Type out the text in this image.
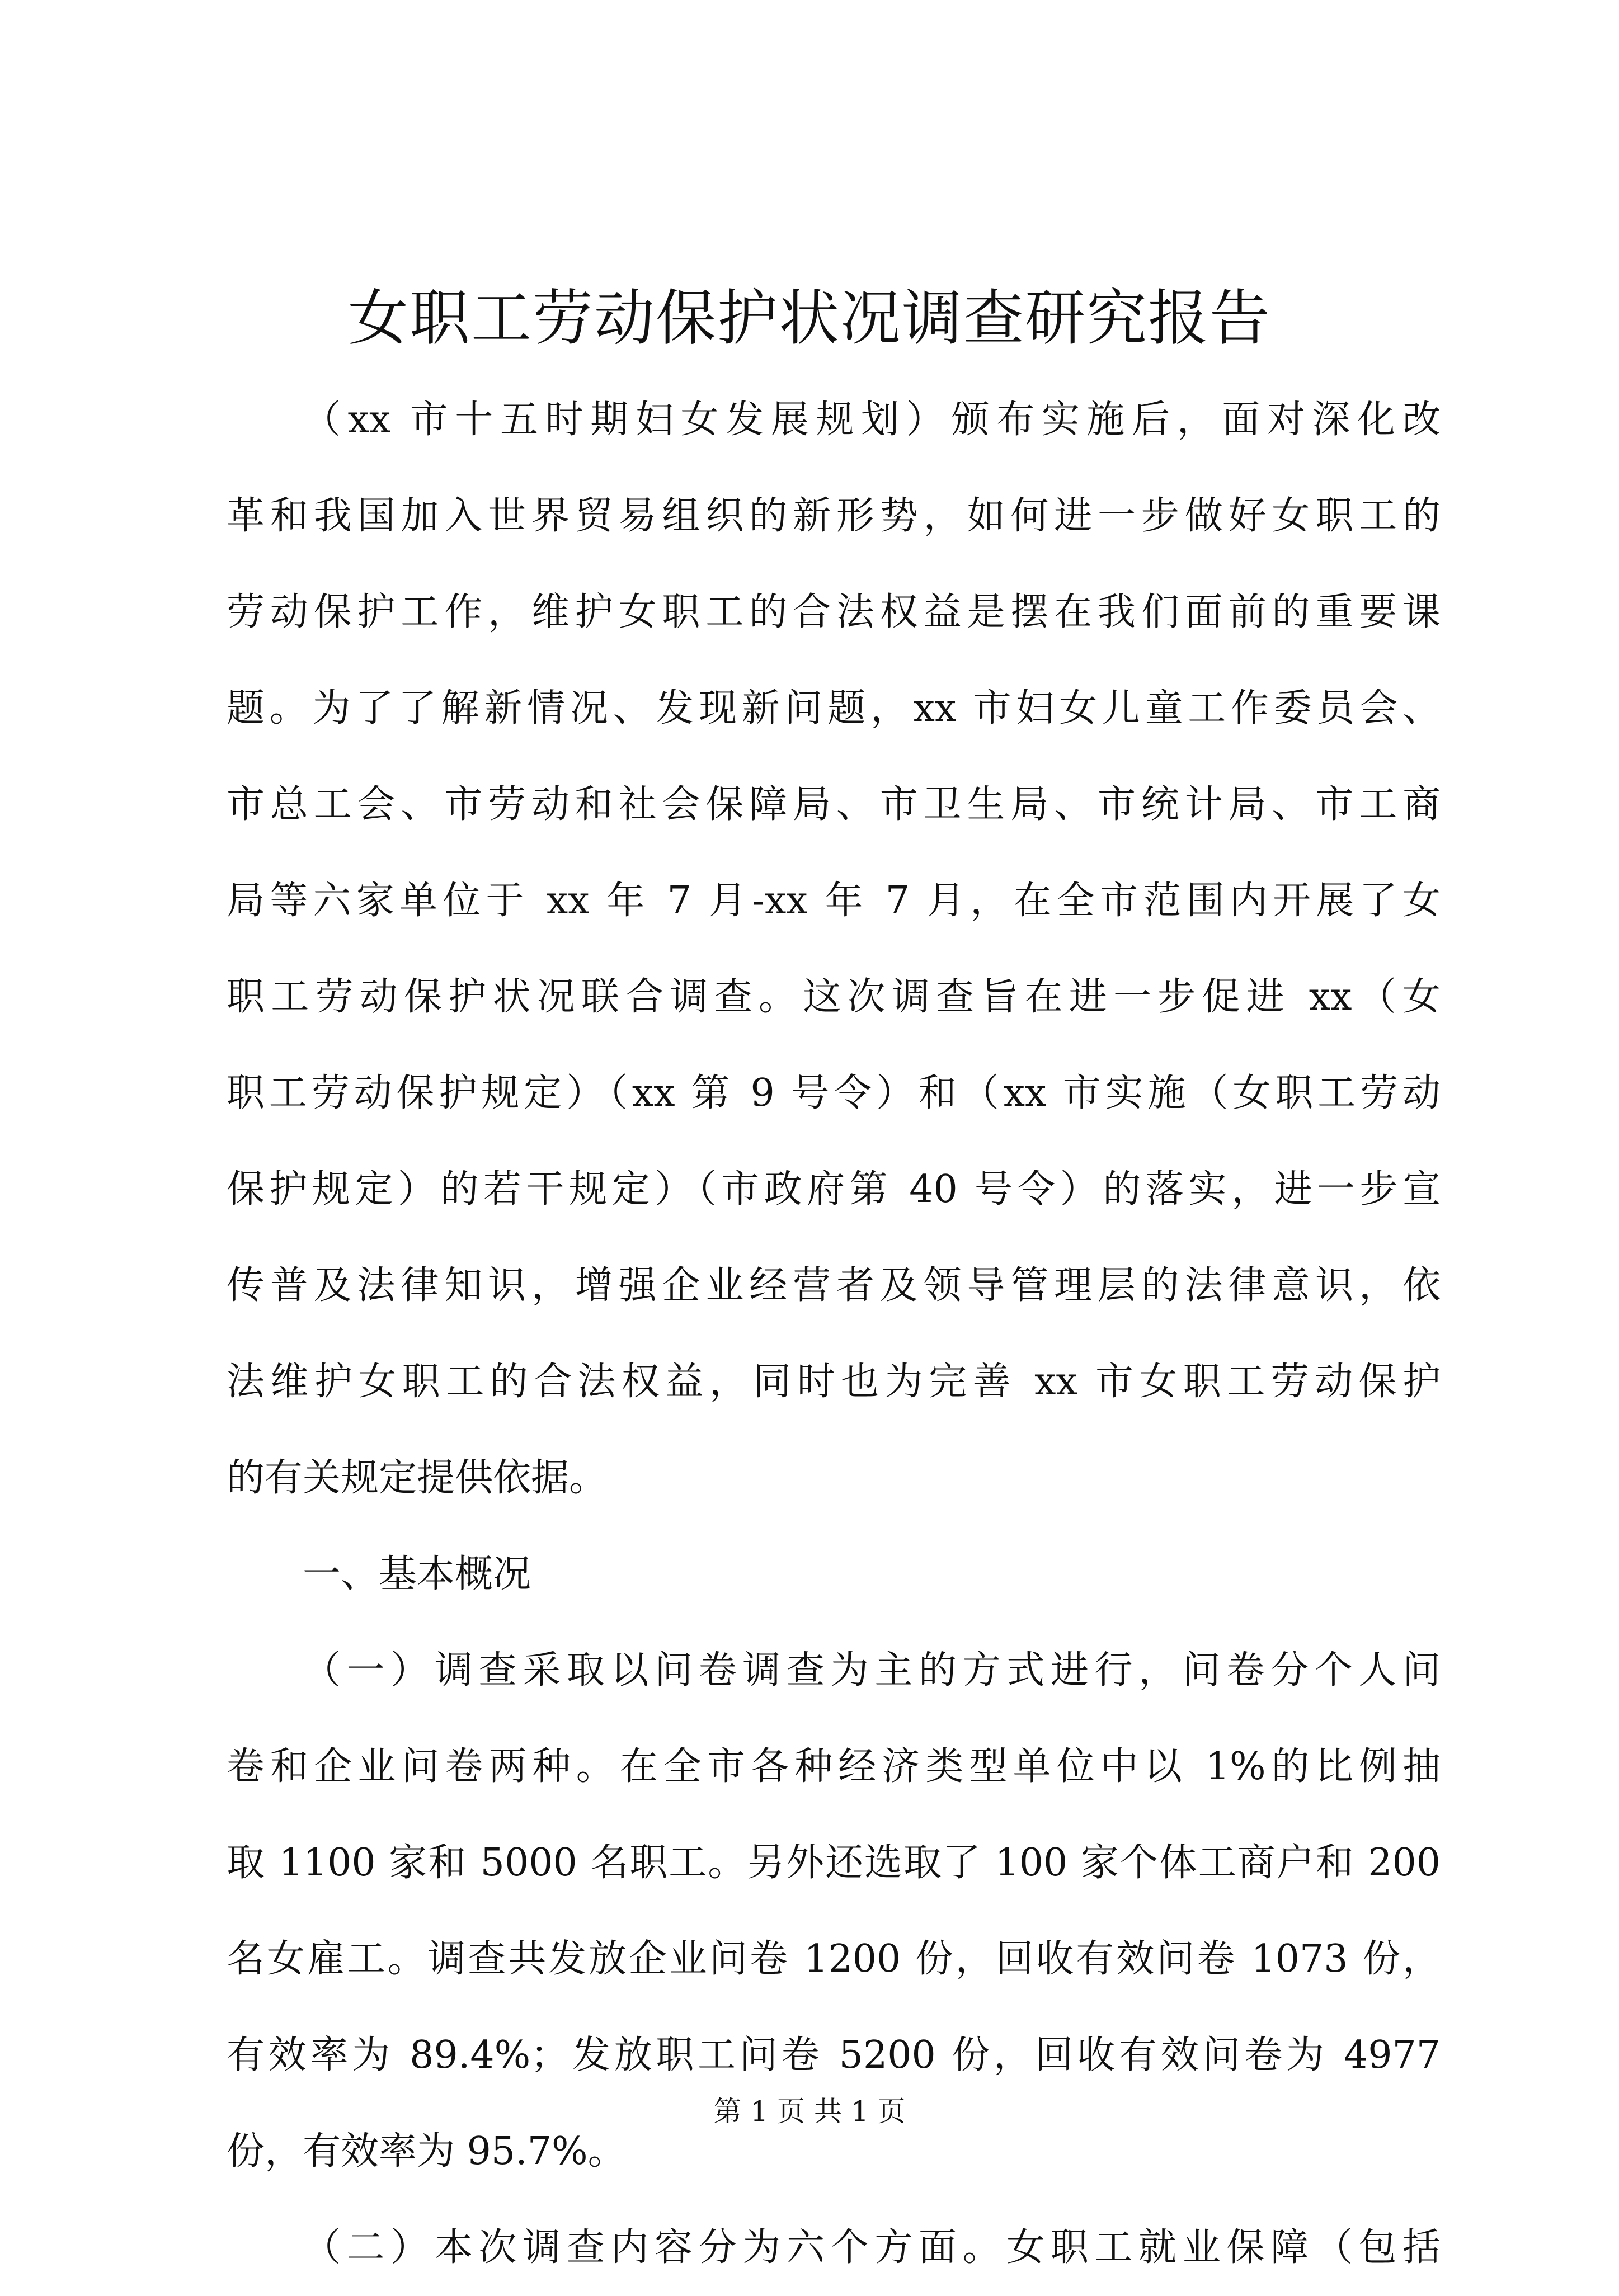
女职工劳动保护状况调查研究报告
（xx 市十五时期妇女发展规划）颁布实施后，面对深化改
革和我国加入世界贸易组织的新形势，如何进一步做好女职工的
劳动保护工作，维护女职工的合法权益是摆在我们面前的重要课
题。为了了解新情况、发现新问题，xx 市妇女儿童工作委员会、
市总工会、市劳动和社会保障局、市卫生局、市统计局、市工商
局等六家单位于 xx 年 7 月-xx 年 7 月，在全市范围内开展了女
职工劳动保护状况联合调查。这次调查旨在进一步促进 xx（女
职工劳动保护规定）（xx 第 9 号令）和（xx 市实施（女职工劳动
保护规定）的若干规定）（市政府第 40 号令）的落实，进一步宣
传普及法律知识，增强企业经营者及领导管理层的法律意识，依
法维护女职工的合法权益，同时也为完善 xx 市女职工劳动保护
的有关规定提供依据。
一、基本概况
（一）调查采取以问卷调查为主的方式进行，问卷分个人问
卷和企业问卷两种。在全市各种经济类型单位中以 1%的比例抽
取 1100 家和 5000 名职工。另外还选取了 100 家个体工商户和 200
名女雇工。调查共发放企业问卷 1200 份，回收有效问卷 1073 份，
有效率为 89.4%；发放职工问卷 5200 份，回收有效问卷为 4977
份，有效率为 95.7%。
（二）本次调查内容分为六个方面。女职工就业保障（包括
第 1 页 共 1 页
